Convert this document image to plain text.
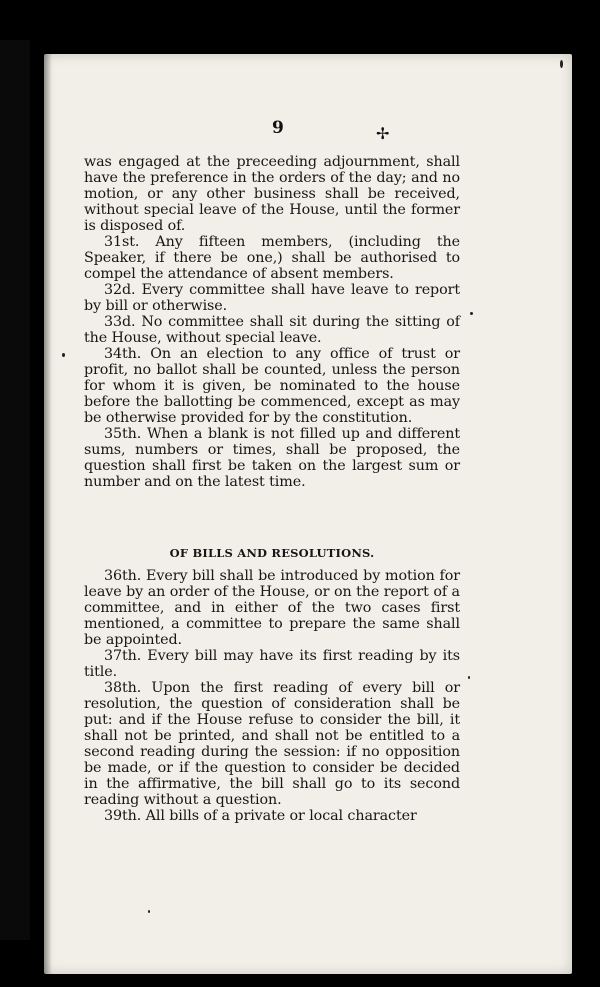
9	✢

was engaged at the preceeding adjournment, shall have the preference in the orders of the day; and no motion, or any other business shall be received, without special leave of the House, until the former is disposed of.

31st. Any fifteen members, (including the Speaker, if there be one,) shall be authorised to compel the attendance of absent members.

32d. Every committee shall have leave to report by bill or otherwise.

33d. No committee shall sit during the sitting of the House, without special leave.

34th. On an election to any office of trust or profit, no ballot shall be counted, unless the person for whom it is given, be nominated to the house before the ballotting be commenced, except as may be otherwise provided for by the constitution.

35th. When a blank is not filled up and different sums, numbers or times, shall be proposed, the question shall first be taken on the largest sum or number and on the latest time.

OF BILLS AND RESOLUTIONS.

36th. Every bill shall be introduced by motion for leave by an order of the House, or on the report of a committee, and in either of the two cases first mentioned, a committee to prepare the same shall be appointed.

37th. Every bill may have its first reading by its title.

38th. Upon the first reading of every bill or resolution, the question of consideration shall be put: and if the House refuse to consider the bill, it shall not be printed, and shall not be entitled to a second reading during the session: if no opposition be made, or if the question to consider be decided in the affirmative, the bill shall go to its second reading without a question.

39th. All bills of a private or local character
